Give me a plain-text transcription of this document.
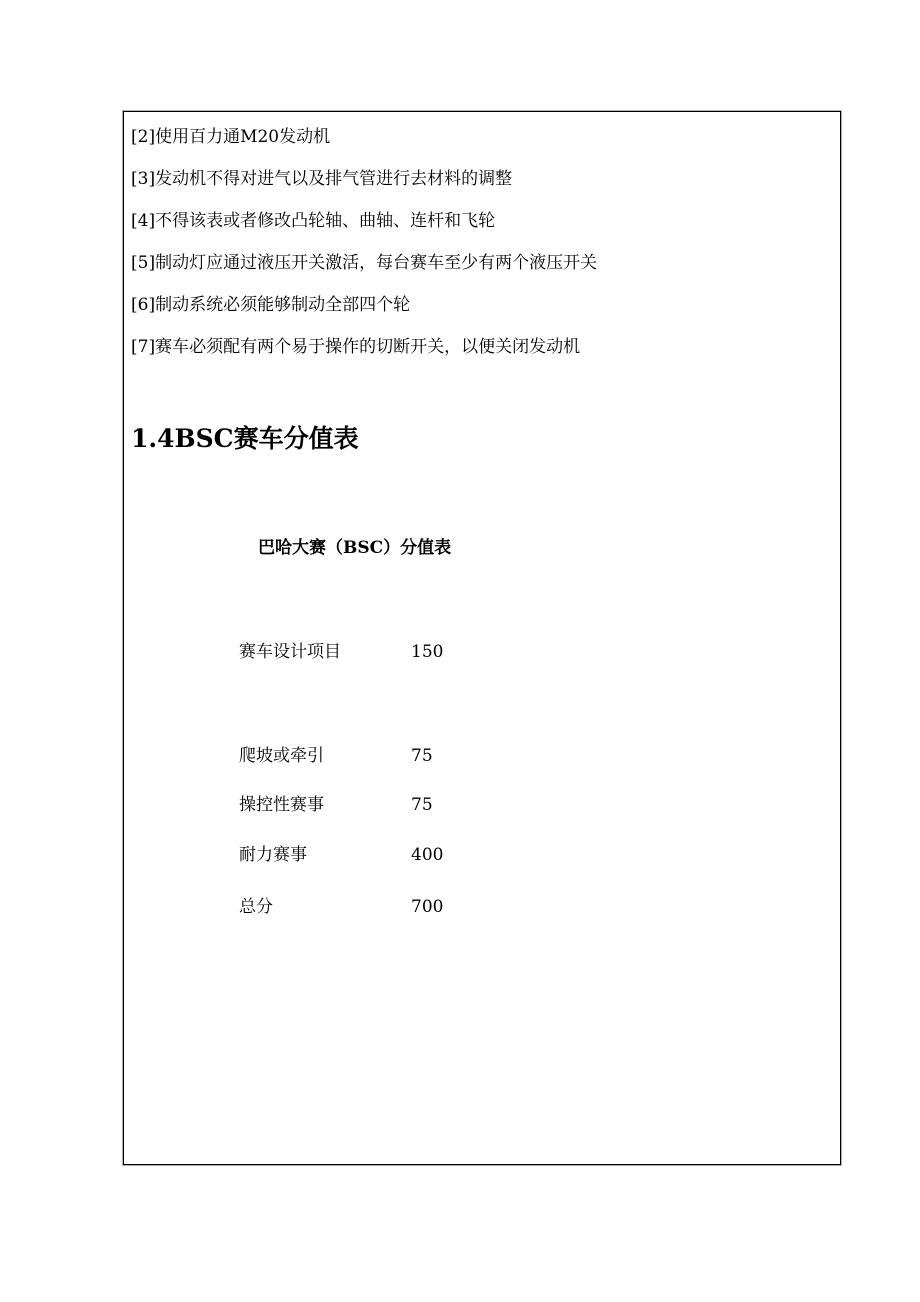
[2]使用百力通M20发动机

[3]发动机不得对进气以及排气管进行去材料的调整

[4]不得该表或者修改凸轮轴、曲轴、连杆和飞轮

[5]制动灯应通过液压开关激活，每台赛车至少有两个液压开关

[6]制动系统必须能够制动全部四个轮

[7]赛车必须配有两个易于操作的切断开关，以便关闭发动机

1.4BSC赛车分值表

巴哈大赛（BSC）分值表

赛车设计项目	150
爬坡或牵引	75
操控性赛事	75
耐力赛事	400
总分	700
